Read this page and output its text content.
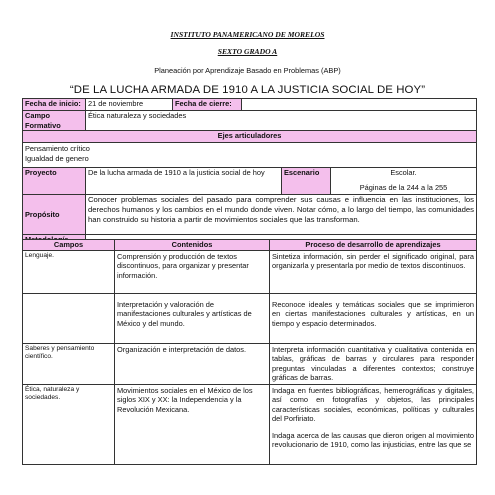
INSTITUTO PANAMERICANO DE MORELOS
SEXTO GRADO A
Planeación por Aprendizaje Basado en Problemas (ABP)
“DE LA LUCHA ARMADA DE 1910 A LA JUSTICIA SOCIAL DE HOY”
Fecha de inicio:	21 de noviembre	Fecha de cierre:			
Campo Formativo	Ética naturaleza y sociedades				
Ejes articuladores					

Pensamiento crítico
Igualdad de genero					

Proyecto	De la lucha armada de 1910 a la justicia social de hoy			Escenario	Escolar.
Páginas de la 244 a la 255

Propósito	Conocer problemas sociales del pasado para comprender sus causas e influencia en las instituciones, los derechos humanos y los cambios en el mundo donde viven. Notar cómo, a lo largo del tiempo, las comunidades han construido su historia a partir de movimientos sociales que las transforman.				

Campos	Contenidos	Proceso de desarrollo de aprendizajes
Lenguaje.	Comprensión y producción de textos discontinuos, para organizar y presentar información.	Sintetiza información, sin perder el significado original, para organizarla y presentarla por medio de textos discontinuos.
	Interpretación y valoración de manifestaciones culturales y artísticas de México y del mundo.	Reconoce ideales y temáticas sociales que se imprimieron en ciertas manifestaciones culturales y artísticas, en un tiempo y espacio determinados.
Saberes y pensamiento científico.	Organización e interpretación de datos.	Interpreta información cuantitativa y cualitativa contenida en tablas, gráficas de barras y circulares para responder preguntas vinculadas a diferentes contextos; construye gráficas de barras.
Ética, naturaleza y sociedades.	Movimientos sociales en el México de los siglos XIX y XX: la Independencia y la Revolución Mexicana.	Indaga en fuentes bibliográficas, hemerográficas y digitales, así como en fotografías y objetos, las principales características sociales, económicas, políticas y culturales del Porfiriato.
Indaga acerca de las causas que dieron origen al movimiento revolucionario de 1910, como las injusticias, entre las que se
